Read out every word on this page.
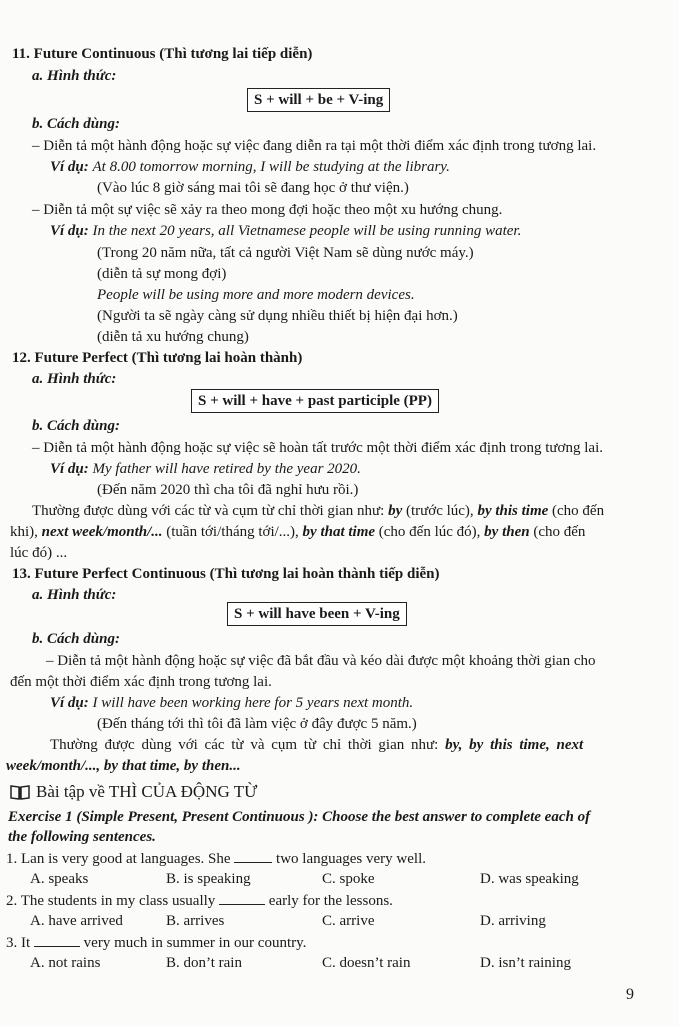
11. Future Continuous (Thì tương lai tiếp diễn)
a. Hình thức:
S + will + be + V-ing
b. Cách dùng:
– Diễn tả một hành động hoặc sự việc đang diễn ra tại một thời điểm xác định trong tương lai.
Ví dụ: At 8.00 tomorrow morning, I will be studying at the library.
(Vào lúc 8 giờ sáng mai tôi sẽ đang học ở thư viện.)
– Diễn tả một sự việc sẽ xảy ra theo mong đợi hoặc theo một xu hướng chung.
Ví dụ: In the next 20 years, all Vietnamese people will be using running water.
(Trong 20 năm nữa, tất cả người Việt Nam sẽ dùng nước máy.)
(diễn tả sự mong đợi)
People will be using more and more modern devices.
(Người ta sẽ ngày càng sử dụng nhiều thiết bị hiện đại hơn.)
(diễn tả xu hướng chung)
12. Future Perfect (Thì tương lai hoàn thành)
a. Hình thức:
S + will + have + past participle (PP)
b. Cách dùng:
– Diễn tả một hành động hoặc sự việc sẽ hoàn tất trước một thời điểm xác định trong tương lai.
Ví dụ: My father will have retired by the year 2020.
(Đến năm 2020 thì cha tôi đã nghỉ hưu rồi.)
Thường được dùng với các từ và cụm từ chỉ thời gian như: by (trước lúc), by this time (cho đến
khi), next week/month/... (tuần tới/tháng tới/...), by that time (cho đến lúc đó), by then (cho đến
lúc đó) ...
13. Future Perfect Continuous (Thì tương lai hoàn thành tiếp diễn)
a. Hình thức:
S + will have been + V-ing
b. Cách dùng:
– Diễn tả một hành động hoặc sự việc đã bắt đầu và kéo dài được một khoảng thời gian cho
đến một thời điểm xác định trong tương lai.
Ví dụ: I will have been working here for 5 years next month.
(Đến tháng tới thì tôi đã làm việc ở đây được 5 năm.)
Thường được dùng với các từ và cụm từ chỉ thời gian như: by, by this time, next
week/month/..., by that time, by then...
Bài tập về THÌ CỦA ĐỘNG TỪ
Exercise 1 (Simple Present, Present Continuous ): Choose the best answer to complete each of
the following sentences.
1. Lan is very good at languages. She	two languages very well.
A. speaks	B. is speaking	C. spoke	D. was speaking
2. The students in my class usually	early for the lessons.
A. have arrived	B. arrives	C. arrive	D. arriving
3. It	very much in summer in our country.
A. not rains	B. don’t rain	C. doesn’t rain	D. isn’t raining
9
